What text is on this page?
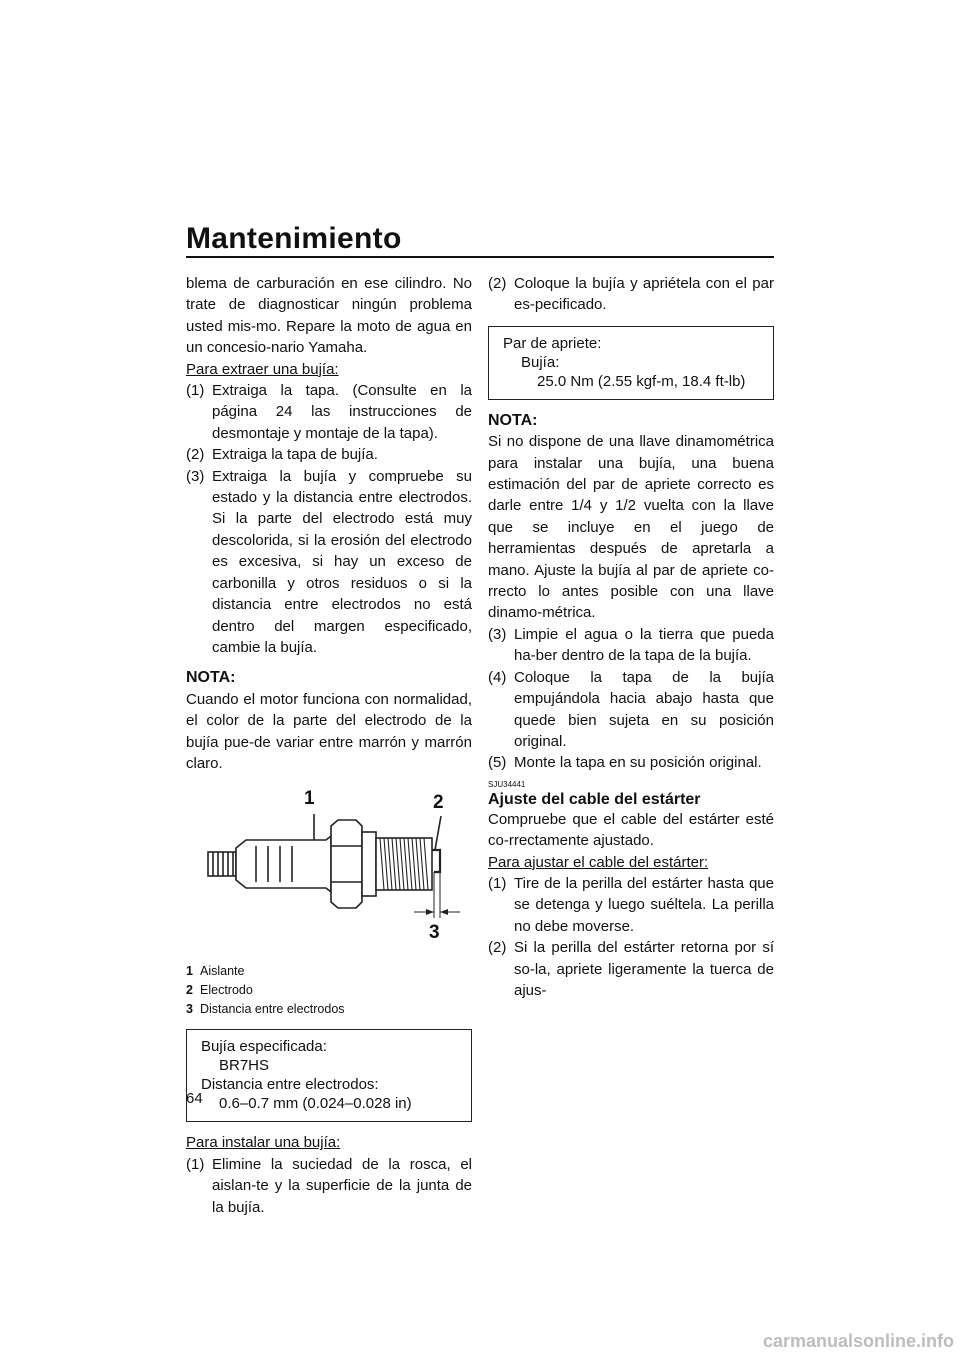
Mantenimiento

blema de carburación en ese cilindro. No trate de diagnosticar ningún problema usted mis-mo. Repare la moto de agua en un concesio-nario Yamaha.

Para extraer una bujía:
(1) Extraiga la tapa. (Consulte en la página 24 las instrucciones de desmontaje y montaje de la tapa).
(2) Extraiga la tapa de bujía.
(3) Extraiga la bujía y compruebe su estado y la distancia entre electrodos. Si la parte del electrodo está muy descolorida, si la erosión del electrodo es excesiva, si hay un exceso de carbonilla y otros residuos o si la distancia entre electrodos no está dentro del margen especificado, cambie la bujía.
NOTA:

Cuando el motor funciona con normalidad, el color de la parte del electrodo de la bujía pue-de variar entre marrón y marrón claro.

1	2
3
1 Aislante
2 Electrodo
3 Distancia entre electrodos
Bujía especificada:
BR7HS
Distancia entre electrodos:
0.6–0.7 mm (0.024–0.028 in)
Para instalar una bujía:
(1) Elimine la suciedad de la rosca, el aislan-te y la superficie de la junta de la bujía.
(2) Coloque la bujía y apriétela con el par es-pecificado.
Par de apriete:
Bujía:
25.0 Nm (2.55 kgf-m, 18.4 ft-lb)
NOTA:

Si no dispone de una llave dinamométrica para instalar una bujía, una buena estimación del par de apriete correcto es darle entre 1/4 y 1/2 vuelta con la llave que se incluye en el juego de herramientas después de apretarla a mano. Ajuste la bujía al par de apriete co-rrecto lo antes posible con una llave dinamo-métrica.

(3) Limpie el agua o la tierra que pueda ha-ber dentro de la tapa de la bujía.
(4) Coloque la tapa de la bujía empujándola hacia abajo hasta que quede bien sujeta en su posición original.
(5) Monte la tapa en su posición original.
SJU34441
Ajuste del cable del estárter

Compruebe que el cable del estárter esté co-rrectamente ajustado.

Para ajustar el cable del estárter:
(1) Tire de la perilla del estárter hasta que se detenga y luego suéltela. La perilla no debe moverse.
(2) Si la perilla del estárter retorna por sí so-la, apriete ligeramente la tuerca de ajus-
64
carmanualsonline.info
